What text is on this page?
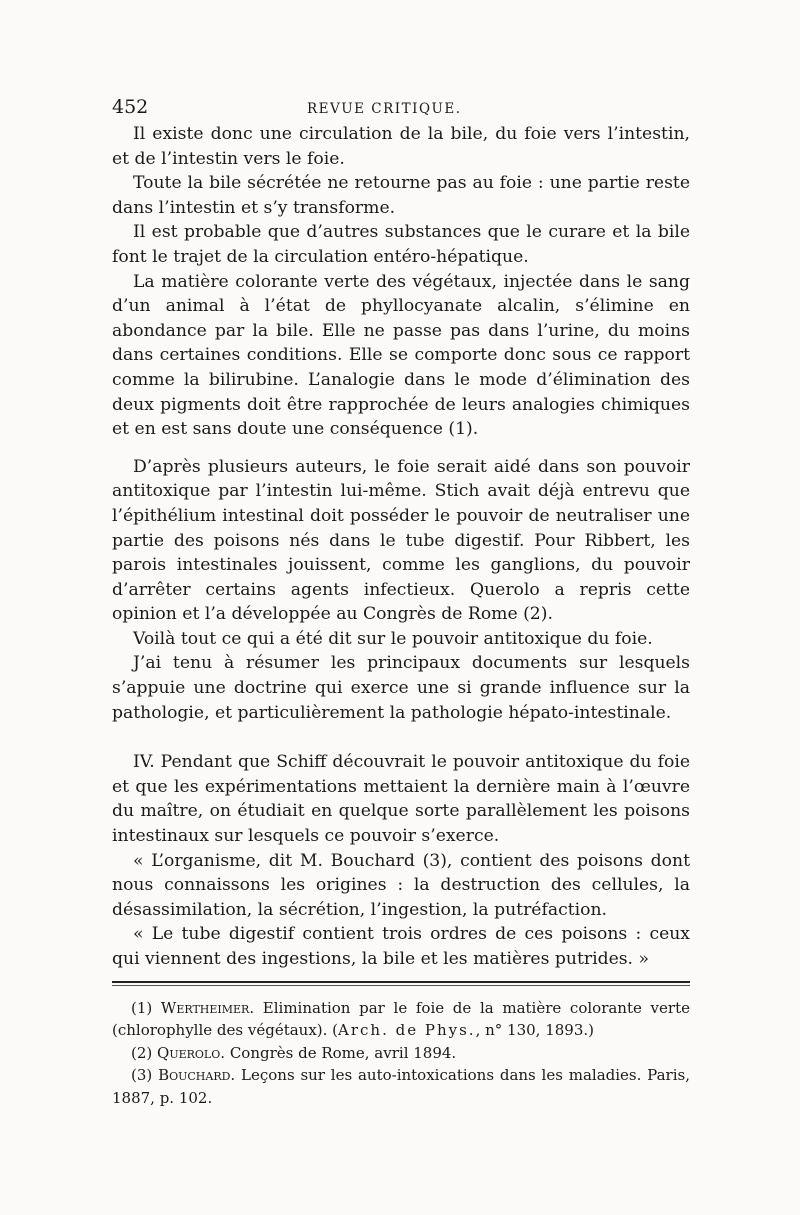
452	REVUE CRITIQUE.

Il existe donc une circulation de la bile, du foie vers l’intestin, et de l’intestin vers le foie.

Toute la bile sécrétée ne retourne pas au foie : une partie reste dans l’intestin et s’y transforme.

Il est probable que d’autres substances que le curare et la bile font le trajet de la circulation entéro-hépatique.

La matière colorante verte des végétaux, injectée dans le sang d’un animal à l’état de phyllocyanate alcalin, s’élimine en abondance par la bile. Elle ne passe pas dans l’urine, du moins dans certaines conditions. Elle se comporte donc sous ce rapport comme la bilirubine. L’analogie dans le mode d’élimination des deux pigments doit être rapprochée de leurs analogies chimiques et en est sans doute une conséquence (1).

D’après plusieurs auteurs, le foie serait aidé dans son pouvoir antitoxique par l’intestin lui-même. Stich avait déjà entrevu que l’épithélium intestinal doit posséder le pouvoir de neutraliser une partie des poisons nés dans le tube digestif. Pour Ribbert, les parois intestinales jouissent, comme les ganglions, du pouvoir d’arrêter certains agents infectieux. Querolo a repris cette opinion et l’a développée au Congrès de Rome (2).

Voilà tout ce qui a été dit sur le pouvoir antitoxique du foie.

J’ai tenu à résumer les principaux documents sur lesquels s’appuie une doctrine qui exerce une si grande influence sur la pathologie, et particulièrement la pathologie hépato-intestinale.

IV. Pendant que Schiff découvrait le pouvoir antitoxique du foie et que les expérimentations mettaient la dernière main à l’œuvre du maître, on étudiait en quelque sorte parallèlement les poisons intestinaux sur lesquels ce pouvoir s’exerce.

« L’organisme, dit M. Bouchard (3), contient des poisons dont nous connaissons les origines : la destruction des cellules, la désassimilation, la sécrétion, l’ingestion, la putréfaction.

« Le tube digestif contient trois ordres de ces poisons : ceux qui viennent des ingestions, la bile et les matières putrides. »

(1) Wertheimer. Elimination par le foie de la matière colorante verte (chlorophylle des végétaux). (Arch. de Phys., n° 130, 1893.)

(2) Querolo. Congrès de Rome, avril 1894.

(3) Bouchard. Leçons sur les auto-intoxications dans les maladies. Paris, 1887, p. 102.
